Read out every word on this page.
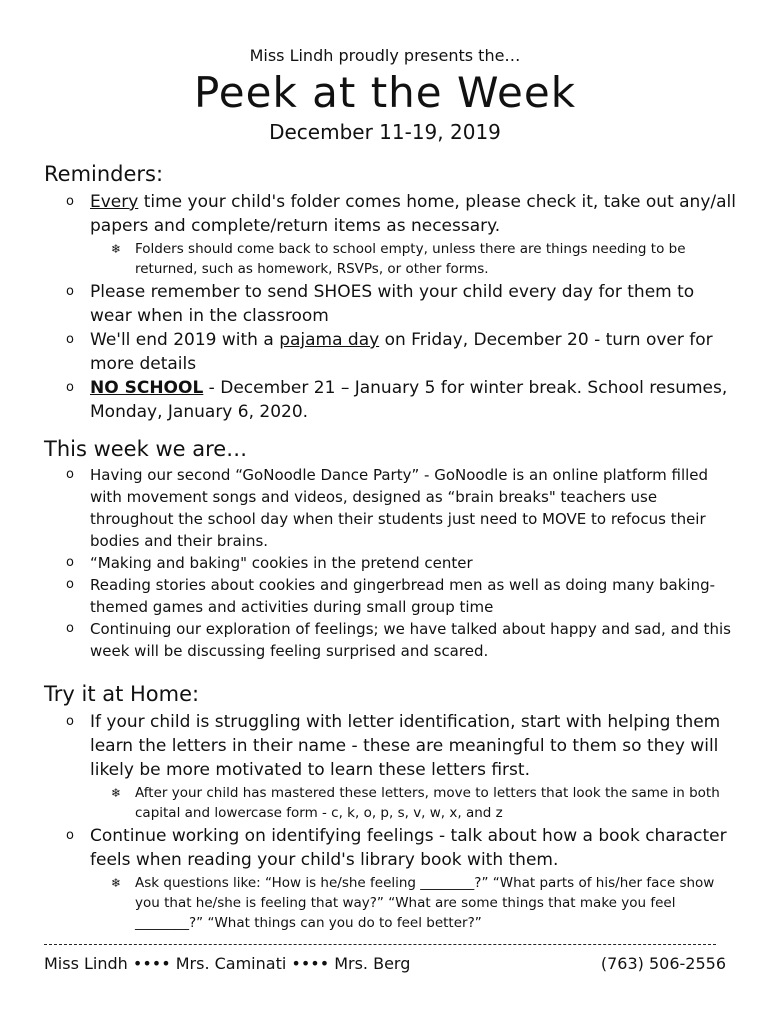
Miss Lindh proudly presents the…
Peek at the Week
December 11-19, 2019
Reminders:
o Every time your child's folder comes home, please check it, take out any/all papers and complete/return items as necessary.
❄ Folders should come back to school empty, unless there are things needing to be returned, such as homework, RSVPs, or other forms.
o Please remember to send SHOES with your child every day for them to wear when in the classroom
o We'll end 2019 with a pajama day on Friday, December 20 - turn over for more details
o NO SCHOOL - December 21 – January 5 for winter break. School resumes, Monday, January 6, 2020.
This week we are…
o Having our second “GoNoodle Dance Party” - GoNoodle is an online platform filled with movement songs and videos, designed as “brain breaks" teachers use throughout the school day when their students just need to MOVE to refocus their bodies and their brains.
o “Making and baking" cookies in the pretend center
o Reading stories about cookies and gingerbread men as well as doing many baking-themed games and activities during small group time
o Continuing our exploration of feelings; we have talked about happy and sad, and this week will be discussing feeling surprised and scared.
Try it at Home:
o If your child is struggling with letter identification, start with helping them learn the letters in their name - these are meaningful to them so they will likely be more motivated to learn these letters first.
❄ After your child has mastered these letters, move to letters that look the same in both capital and lowercase form - c, k, o, p, s, v, w, x, and z
o Continue working on identifying feelings - talk about how a book character feels when reading your child's library book with them.
❄ Ask questions like: “How is he/she feeling ________?” “What parts of his/her face show you that he/she is feeling that way?” “What are some things that make you feel ________?” “What things can you do to feel better?”
Miss Lindh •••• Mrs. Caminati •••• Mrs. Berg	(763) 506-2556
